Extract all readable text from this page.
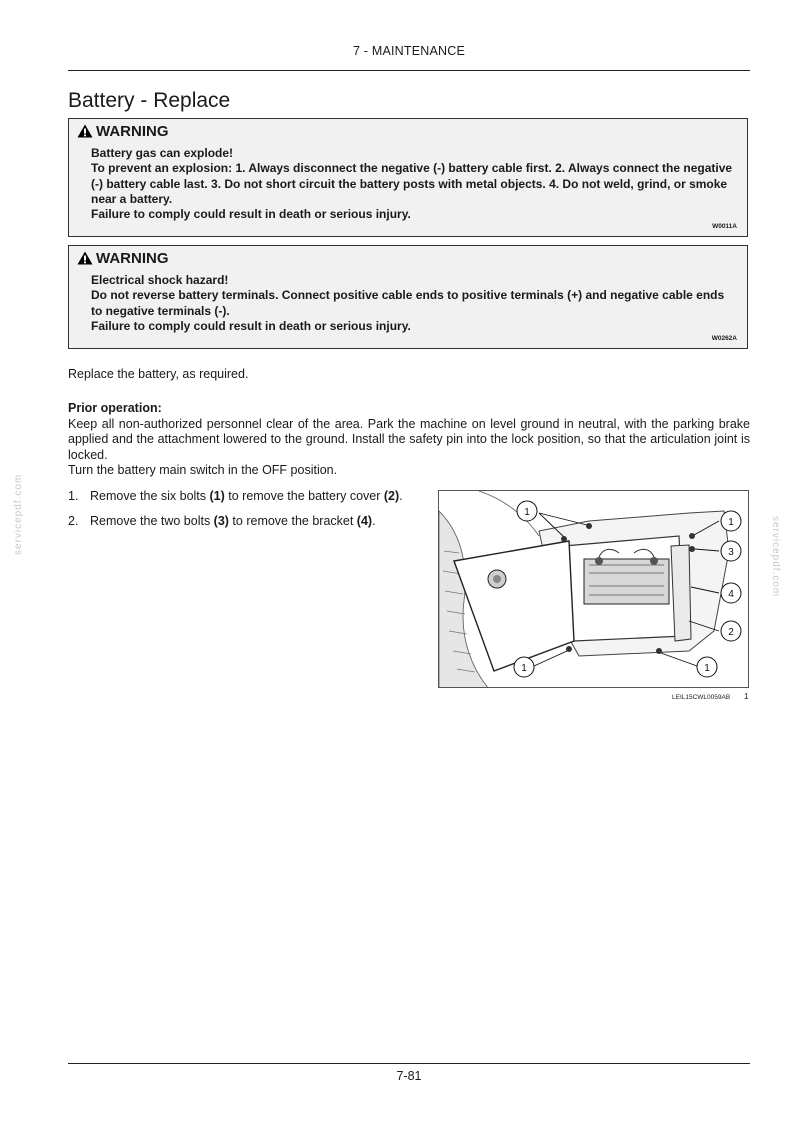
7 - MAINTENANCE
Battery - Replace
WARNING
Battery gas can explode!
To prevent an explosion: 1. Always disconnect the negative (-) battery cable first. 2. Always connect the negative (-) battery cable last. 3. Do not short circuit the battery posts with metal objects. 4. Do not weld, grind, or smoke near a battery.
Failure to comply could result in death or serious injury.
W0011A
WARNING
Electrical shock hazard!
Do not reverse battery terminals. Connect positive cable ends to positive terminals (+) and negative cable ends to negative terminals (-).
Failure to comply could result in death or serious injury.
W0262A
Replace the battery, as required.
Prior operation:
Keep all non-authorized personnel clear of the area. Park the machine on level ground in neutral, with the parking brake applied and the attachment lowered to the ground. Install the safety pin into the lock position, so that the articulation joint is locked.
Turn the battery main switch in the OFF position.
1. Remove the six bolts (1) to remove the battery cover (2).
2. Remove the two bolts (3) to remove the bracket (4).
1
1
3
4
2
1	1
LEIL15CWL0059AB 1
servicepdf.com
servicepdf.com
7-81
